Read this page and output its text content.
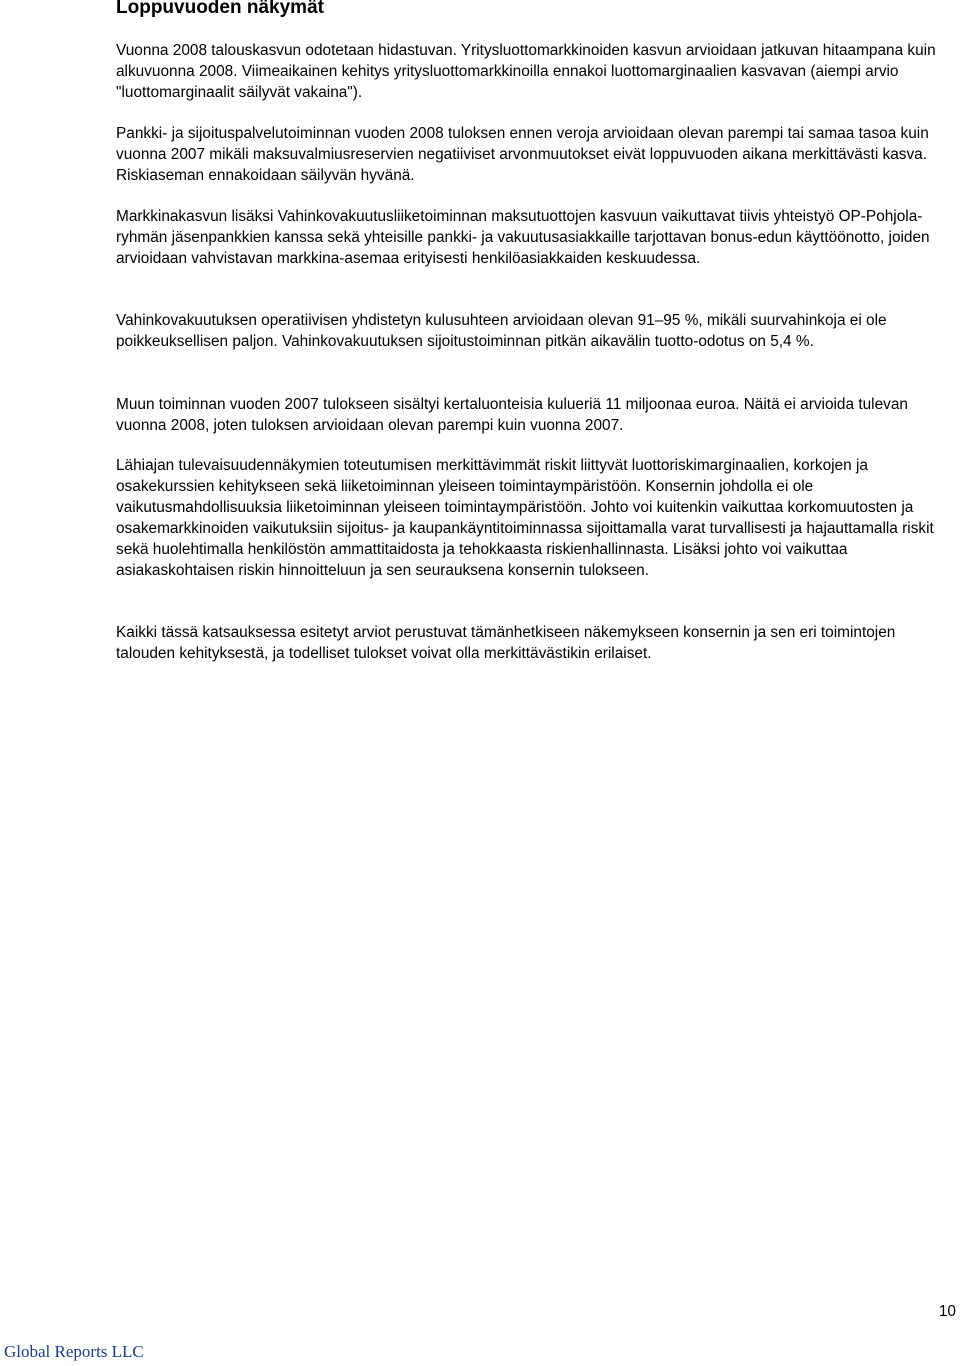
Loppuvuoden näkymät

Vuonna 2008 talouskasvun odotetaan hidastuvan. Yritysluottomarkkinoiden kasvun arvioidaan jatkuvan hitaampana kuin alkuvuonna 2008. Viimeaikainen kehitys yritysluottomarkkinoilla ennakoi luottomarginaalien kasvavan (aiempi arvio "luottomarginaalit säilyvät vakaina").

Pankki- ja sijoituspalvelutoiminnan vuoden 2008 tuloksen ennen veroja arvioidaan olevan parempi tai samaa tasoa kuin vuonna 2007 mikäli maksuvalmiusreservien negatiiviset arvonmuutokset eivät loppuvuoden aikana merkittävästi kasva. Riskiaseman ennakoidaan säilyvän hyvänä.

Markkinakasvun lisäksi Vahinkovakuutusliiketoiminnan maksutuottojen kasvuun vaikuttavat tiivis yhteistyö OP-Pohjola-ryhmän jäsenpankkien kanssa sekä yhteisille pankki- ja vakuutusasiakkaille tarjottavan bonus-edun käyttöönotto, joiden arvioidaan vahvistavan markkina-asemaa erityisesti henkilöasiakkaiden keskuudessa.

Vahinkovakuutuksen operatiivisen yhdistetyn kulusuhteen arvioidaan olevan 91–95 %, mikäli suurvahinkoja ei ole poikkeuksellisen paljon. Vahinkovakuutuksen sijoitustoiminnan pitkän aikavälin tuotto-odotus on 5,4 %.

Muun toiminnan vuoden 2007 tulokseen sisältyi kertaluonteisia kulueriä 11 miljoonaa euroa. Näitä ei arvioida tulevan vuonna 2008, joten tuloksen arvioidaan olevan parempi kuin vuonna 2007.

Lähiajan tulevaisuudennäkymien toteutumisen merkittävimmät riskit liittyvät luottoriskimarginaalien, korkojen ja osakekurssien kehitykseen sekä liiketoiminnan yleiseen toimintaympäristöön. Konsernin johdolla ei ole vaikutusmahdollisuuksia liiketoiminnan yleiseen toimintaympäristöön. Johto voi kuitenkin vaikuttaa korkomuutosten ja osakemarkkinoiden vaikutuksiin sijoitus- ja kaupankäyntitoiminnassa sijoittamalla varat turvallisesti ja hajauttamalla riskit sekä huolehtimalla henkilöstön ammattitaidosta ja tehokkaasta riskienhallinnasta. Lisäksi johto voi vaikuttaa asiakaskohtaisen riskin hinnoitteluun ja sen seurauksena konsernin tulokseen.

Kaikki tässä katsauksessa esitetyt arviot perustuvat tämänhetkiseen näkemykseen konsernin ja sen eri toimintojen talouden kehityksestä, ja todelliset tulokset voivat olla merkittävästikin erilaiset.

10
Global Reports LLC
